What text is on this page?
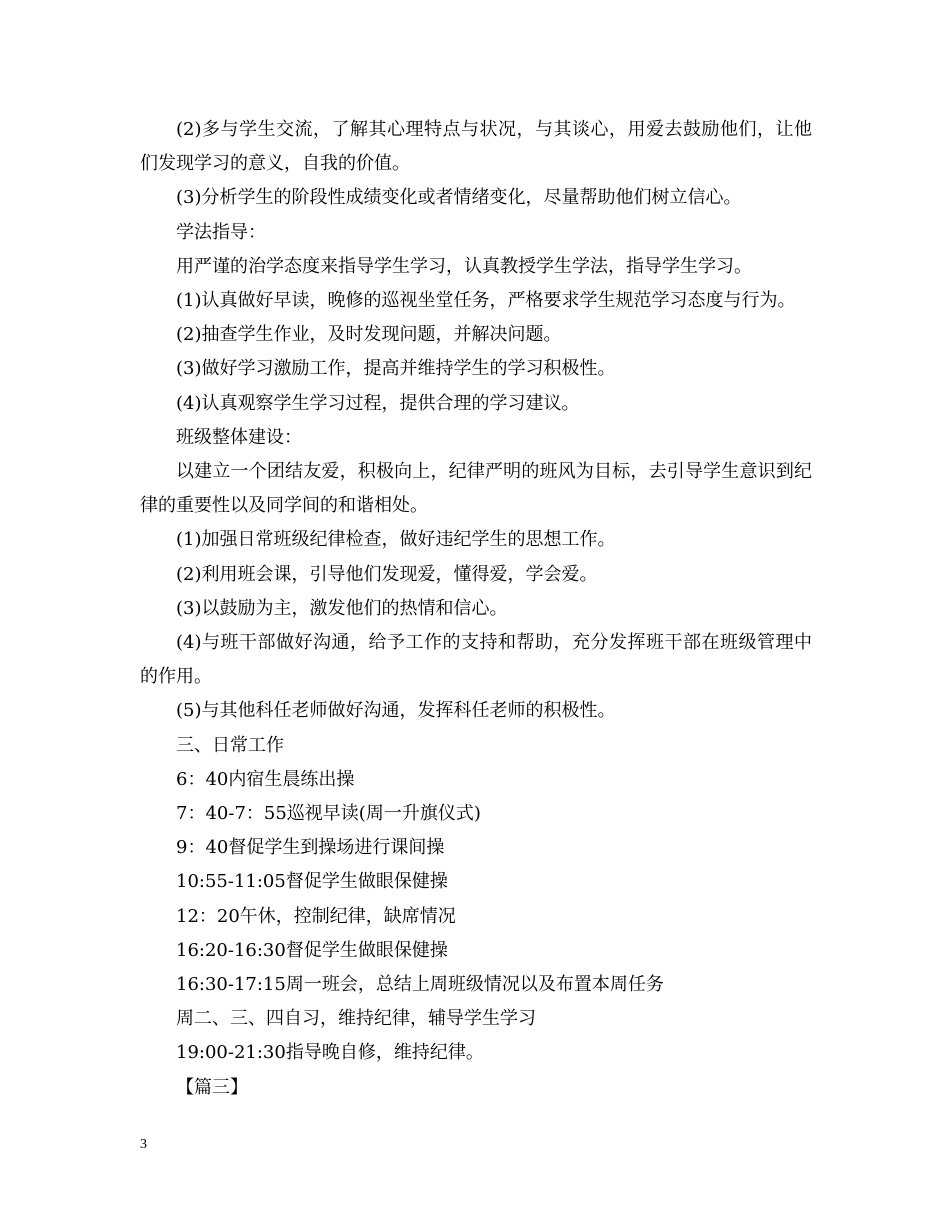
(2)多与学生交流，了解其心理特点与状况，与其谈心，用爱去鼓励他们，让他们发现学习的意义，自我的价值。

(3)分析学生的阶段性成绩变化或者情绪变化，尽量帮助他们树立信心。

学法指导：

用严谨的治学态度来指导学生学习，认真教授学生学法，指导学生学习。

(1)认真做好早读，晚修的巡视坐堂任务，严格要求学生规范学习态度与行为。

(2)抽查学生作业，及时发现问题，并解决问题。

(3)做好学习激励工作，提高并维持学生的学习积极性。

(4)认真观察学生学习过程，提供合理的学习建议。

班级整体建设：

以建立一个团结友爱，积极向上，纪律严明的班风为目标，去引导学生意识到纪律的重要性以及同学间的和谐相处。

(1)加强日常班级纪律检查，做好违纪学生的思想工作。

(2)利用班会课，引导他们发现爱，懂得爱，学会爱。

(3)以鼓励为主，激发他们的热情和信心。

(4)与班干部做好沟通，给予工作的支持和帮助，充分发挥班干部在班级管理中的作用。

(5)与其他科任老师做好沟通，发挥科任老师的积极性。

三、日常工作

6：40内宿生晨练出操

7：40-7：55巡视早读(周一升旗仪式)

9：40督促学生到操场进行课间操

10:55-11:05督促学生做眼保健操

12：20午休，控制纪律，缺席情况

16:20-16:30督促学生做眼保健操

16:30-17:15周一班会，总结上周班级情况以及布置本周任务

周二、三、四自习，维持纪律，辅导学生学习

19:00-21:30指导晚自修，维持纪律。

【篇三】

3
